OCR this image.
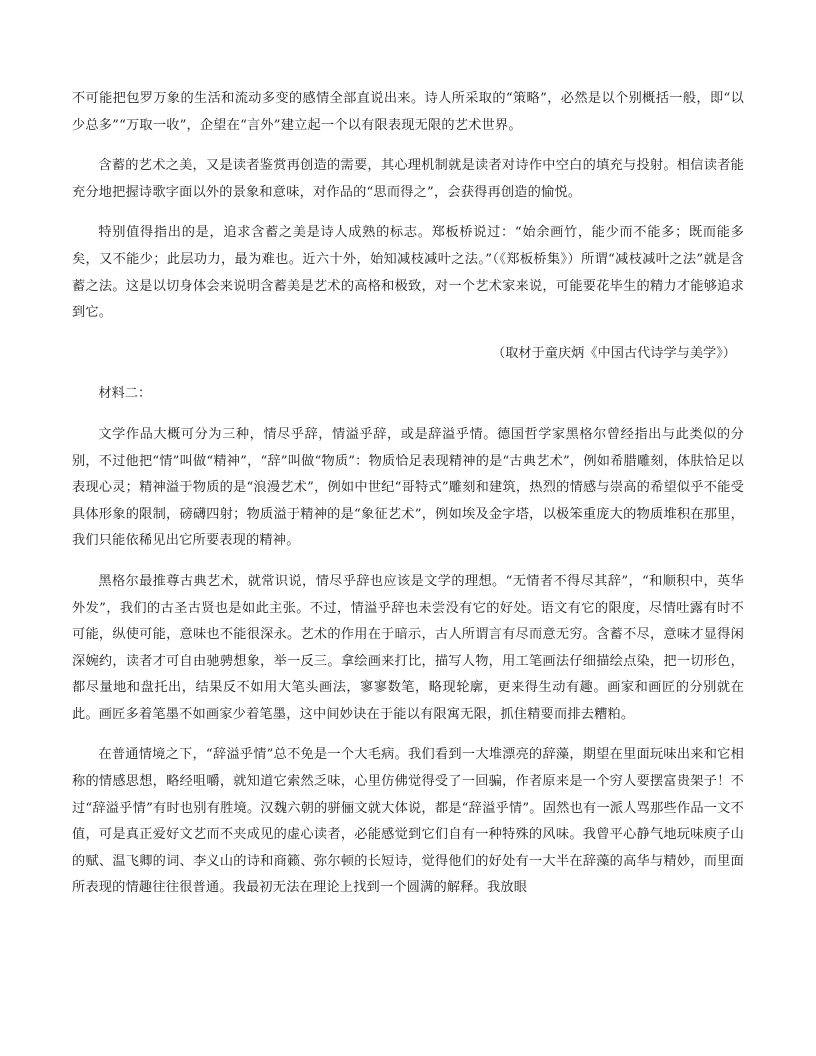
不可能把包罗万象的生活和流动多变的感情全部直说出来。诗人所采取的“策略”，必然是以个别概括一般，即“以少总多”“万取一收”，企望在“言外”建立起一个以有限表现无限的艺术世界。

含蓄的艺术之美，又是读者鉴赏再创造的需要，其心理机制就是读者对诗作中空白的填充与投射。相信读者能充分地把握诗歌字面以外的景象和意味，对作品的“思而得之”，会获得再创造的愉悦。

特别值得指出的是，追求含蓄之美是诗人成熟的标志。郑板桥说过：“始余画竹，能少而不能多；既而能多矣，又不能少；此层功力，最为难也。近六十外，始知减枝减叶之法。”（《郑板桥集》）所谓“减枝减叶之法”就是含蓄之法。这是以切身体会来说明含蓄美是艺术的高格和极致，对一个艺术家来说，可能要花毕生的精力才能够追求到它。

（取材于童庆炳《中国古代诗学与美学》）

材料二：

文学作品大概可分为三种，情尽乎辞，情溢乎辞，或是辞溢乎情。德国哲学家黑格尔曾经指出与此类似的分别，不过他把“情”叫做“精神”，“辞”叫做“物质”：物质恰足表现精神的是“古典艺术”，例如希腊雕刻，体肤恰足以表现心灵；精神溢于物质的是“浪漫艺术”，例如中世纪“哥特式”雕刻和建筑，热烈的情感与崇高的希望似乎不能受具体形象的限制，磅礴四射；物质溢于精神的是“象征艺术”，例如埃及金字塔，以极笨重庞大的物质堆积在那里，我们只能依稀见出它所要表现的精神。

黑格尔最推尊古典艺术，就常识说，情尽乎辞也应该是文学的理想。“无情者不得尽其辞”，“和顺积中，英华外发”，我们的古圣古贤也是如此主张。不过，情溢乎辞也未尝没有它的好处。语文有它的限度，尽情吐露有时不可能，纵使可能，意味也不能很深永。艺术的作用在于暗示，古人所谓言有尽而意无穷。含蓄不尽，意味才显得闲深婉约，读者才可自由驰骋想象，举一反三。拿绘画来打比，描写人物，用工笔画法仔细描绘点染，把一切形色，都尽量地和盘托出，结果反不如用大笔头画法，寥寥数笔，略现轮廓，更来得生动有趣。画家和画匠的分别就在此。画匠多着笔墨不如画家少着笔墨，这中间妙诀在于能以有限寓无限，抓住精要而排去糟粕。

在普通情境之下，“辞溢乎情”总不免是一个大毛病。我们看到一大堆漂亮的辞藻，期望在里面玩味出来和它相称的情感思想，略经咀嚼，就知道它索然乏味，心里仿佛觉得受了一回骗，作者原来是一个穷人要摆富贵架子！不过“辞溢乎情”有时也别有胜境。汉魏六朝的骈俪文就大体说，都是“辞溢乎情”。固然也有一派人骂那些作品一文不值，可是真正爱好文艺而不夹成见的虚心读者，必能感觉到它们自有一种特殊的风味。我曾平心静气地玩味庾子山的赋、温飞卿的词、李义山的诗和商籁、弥尔顿的长短诗，觉得他们的好处有一大半在辞藻的高华与精妙，而里面所表现的情趣往往很普通。我最初无法在理论上找到一个圆满的解释。我放眼
